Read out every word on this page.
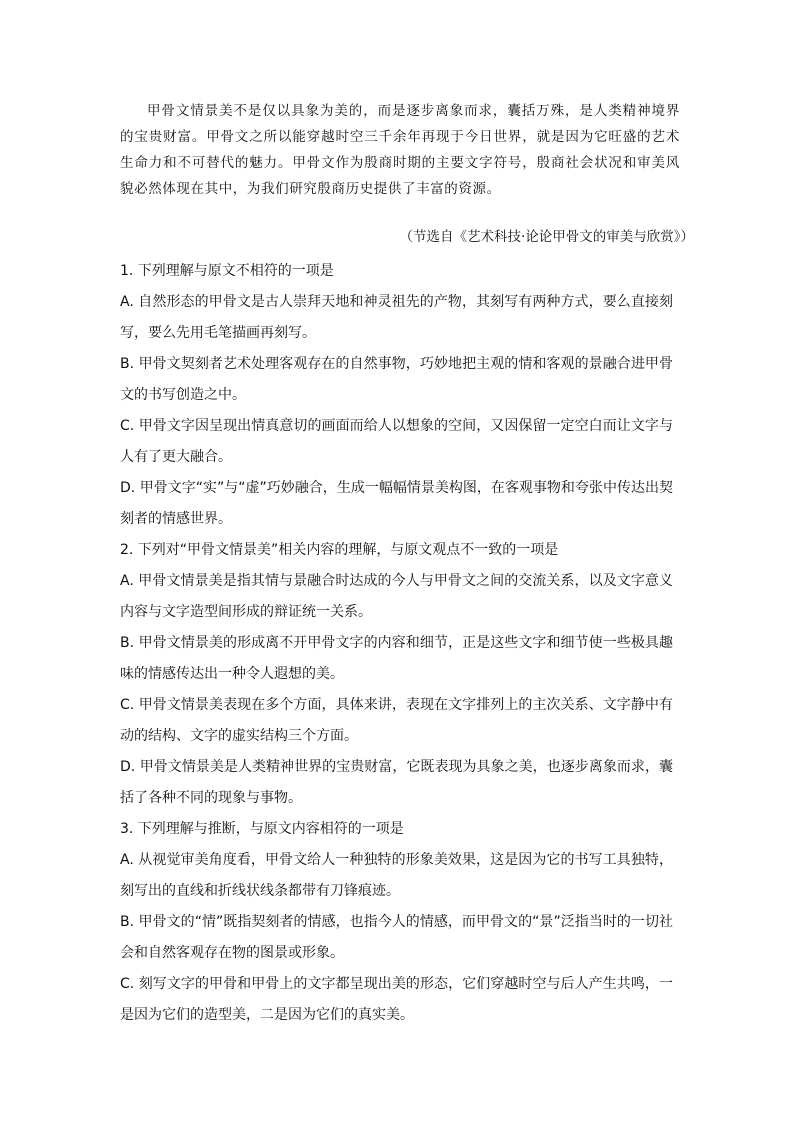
甲骨文情景美不是仅以具象为美的，而是逐步离象而求，囊括万殊，是人类精神境界的宝贵财富。甲骨文之所以能穿越时空三千余年再现于今日世界，就是因为它旺盛的艺术生命力和不可替代的魅力。甲骨文作为殷商时期的主要文字符号，殷商社会状况和审美风貌必然体现在其中，为我们研究殷商历史提供了丰富的资源。

（节选自《艺术科技·论论甲骨文的审美与欣赏》）

1. 下列理解与原文不相符的一项是

A. 自然形态的甲骨文是古人崇拜天地和神灵祖先的产物，其刻写有两种方式，要么直接刻写，要么先用毛笔描画再刻写。

B. 甲骨文契刻者艺术处理客观存在的自然事物，巧妙地把主观的情和客观的景融合进甲骨文的书写创造之中。

C. 甲骨文字因呈现出情真意切的画面而给人以想象的空间，又因保留一定空白而让文字与人有了更大融合。

D. 甲骨文字“实”与“虚”巧妙融合，生成一幅幅情景美构图，在客观事物和夸张中传达出契刻者的情感世界。

2. 下列对“甲骨文情景美”相关内容的理解，与原文观点不一致的一项是

A. 甲骨文情景美是指其情与景融合时达成的今人与甲骨文之间的交流关系，以及文字意义内容与文字造型间形成的辩证统一关系。

B. 甲骨文情景美的形成离不开甲骨文字的内容和细节，正是这些文字和细节使一些极具趣味的情感传达出一种令人遐想的美。

C. 甲骨文情景美表现在多个方面，具体来讲，表现在文字排列上的主次关系、文字静中有动的结构、文字的虚实结构三个方面。

D. 甲骨文情景美是人类精神世界的宝贵财富，它既表现为具象之美，也逐步离象而求，囊括了各种不同的现象与事物。

3. 下列理解与推断，与原文内容相符的一项是

A. 从视觉审美角度看，甲骨文给人一种独特的形象美效果，这是因为它的书写工具独特，刻写出的直线和折线状线条都带有刀锋痕迹。

B. 甲骨文的“情”既指契刻者的情感，也指今人的情感，而甲骨文的“景”泛指当时的一切社会和自然客观存在物的图景或形象。

C. 刻写文字的甲骨和甲骨上的文字都呈现出美的形态，它们穿越时空与后人产生共鸣，一是因为它们的造型美，二是因为它们的真实美。
